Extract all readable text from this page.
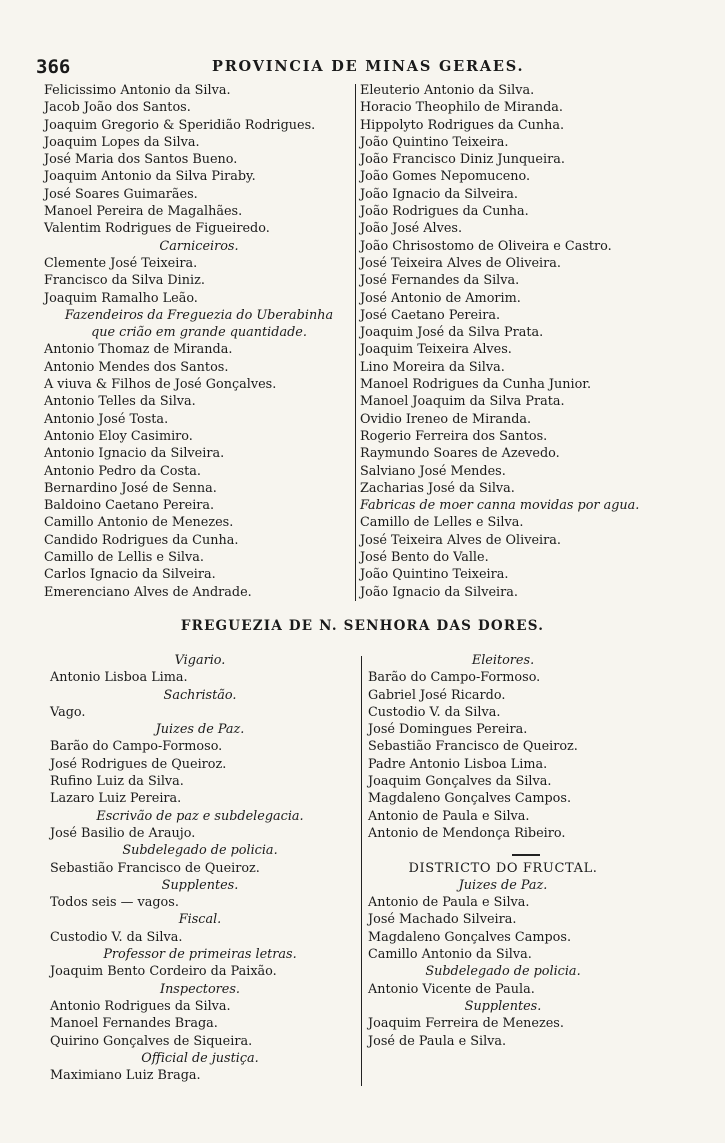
366	PROVINCIA DE MINAS GERAES.
Felicissimo Antonio da Silva.
Jacob João dos Santos.
Joaquim Gregorio & Speridião Rodrigues.
Joaquim Lopes da Silva.
José Maria dos Santos Bueno.
Joaquim Antonio da Silva Piraby.
José Soares Guimarães.
Manoel Pereira de Magalhães.
Valentim Rodrigues de Figueiredo.
Carniceiros.
Clemente José Teixeira.
Francisco da Silva Diniz.
Joaquim Ramalho Leão.
Fazendeiros da Freguezia do Uberabinha
que crião em grande quantidade.
Antonio Thomaz de Miranda.
Antonio Mendes dos Santos.
A viuva & Filhos de José Gonçalves.
Antonio Telles da Silva.
Antonio José Tosta.
Antonio Eloy Casimiro.
Antonio Ignacio da Silveira.
Antonio Pedro da Costa.
Bernardino José de Senna.
Baldoino Caetano Pereira.
Camillo Antonio de Menezes.
Candido Rodrigues da Cunha.
Camillo de Lellis e Silva.
Carlos Ignacio da Silveira.
Emerenciano Alves de Andrade.
Eleuterio Antonio da Silva.
Horacio Theophilo de Miranda.
Hippolyto Rodrigues da Cunha.
João Quintino Teixeira.
João Francisco Diniz Junqueira.
João Gomes Nepomuceno.
João Ignacio da Silveira.
João Rodrigues da Cunha.
João José Alves.
João Chrisostomo de Oliveira e Castro.
José Teixeira Alves de Oliveira.
José Fernandes da Silva.
José Antonio de Amorim.
José Caetano Pereira.
Joaquim José da Silva Prata.
Joaquim Teixeira Alves.
Lino Moreira da Silva.
Manoel Rodrigues da Cunha Junior.
Manoel Joaquim da Silva Prata.
Ovidio Ireneo de Miranda.
Rogerio Ferreira dos Santos.
Raymundo Soares de Azevedo.
Salviano José Mendes.
Zacharias José da Silva.
Fabricas de moer canna movidas por agua.
Camillo de Lelles e Silva.
José Teixeira Alves de Oliveira.
José Bento do Valle.
João Quintino Teixeira.
João Ignacio da Silveira.
FREGUEZIA DE N. SENHORA DAS DORES.
Vigario.
Antonio Lisboa Lima.
Sachristão.
Vago.
Juizes de Paz.
Barão do Campo-Formoso.
José Rodrigues de Queiroz.
Rufino Luiz da Silva.
Lazaro Luiz Pereira.
Escrivão de paz e subdelegacia.
José Basilio de Araujo.
Subdelegado de policia.
Sebastião Francisco de Queiroz.
Supplentes.
Todos seis — vagos.
Fiscal.
Custodio V. da Silva.
Professor de primeiras letras.
Joaquim Bento Cordeiro da Paixão.
Inspectores.
Antonio Rodrigues da Silva.
Manoel Fernandes Braga.
Quirino Gonçalves de Siqueira.
Official de justiça.
Maximiano Luiz Braga.
Eleitores.
Barão do Campo-Formoso.
Gabriel José Ricardo.
Custodio V. da Silva.
José Domingues Pereira.
Sebastião Francisco de Queiroz.
Padre Antonio Lisboa Lima.
Joaquim Gonçalves da Silva.
Magdaleno Gonçalves Campos.
Antonio de Paula e Silva.
Antonio de Mendonça Ribeiro.
DISTRICTO DO FRUCTAL.
Juizes de Paz.
Antonio de Paula e Silva.
José Machado Silveira.
Magdaleno Gonçalves Campos.
Camillo Antonio da Silva.
Subdelegado de policia.
Antonio Vicente de Paula.
Supplentes.
Joaquim Ferreira de Menezes.
José de Paula e Silva.
